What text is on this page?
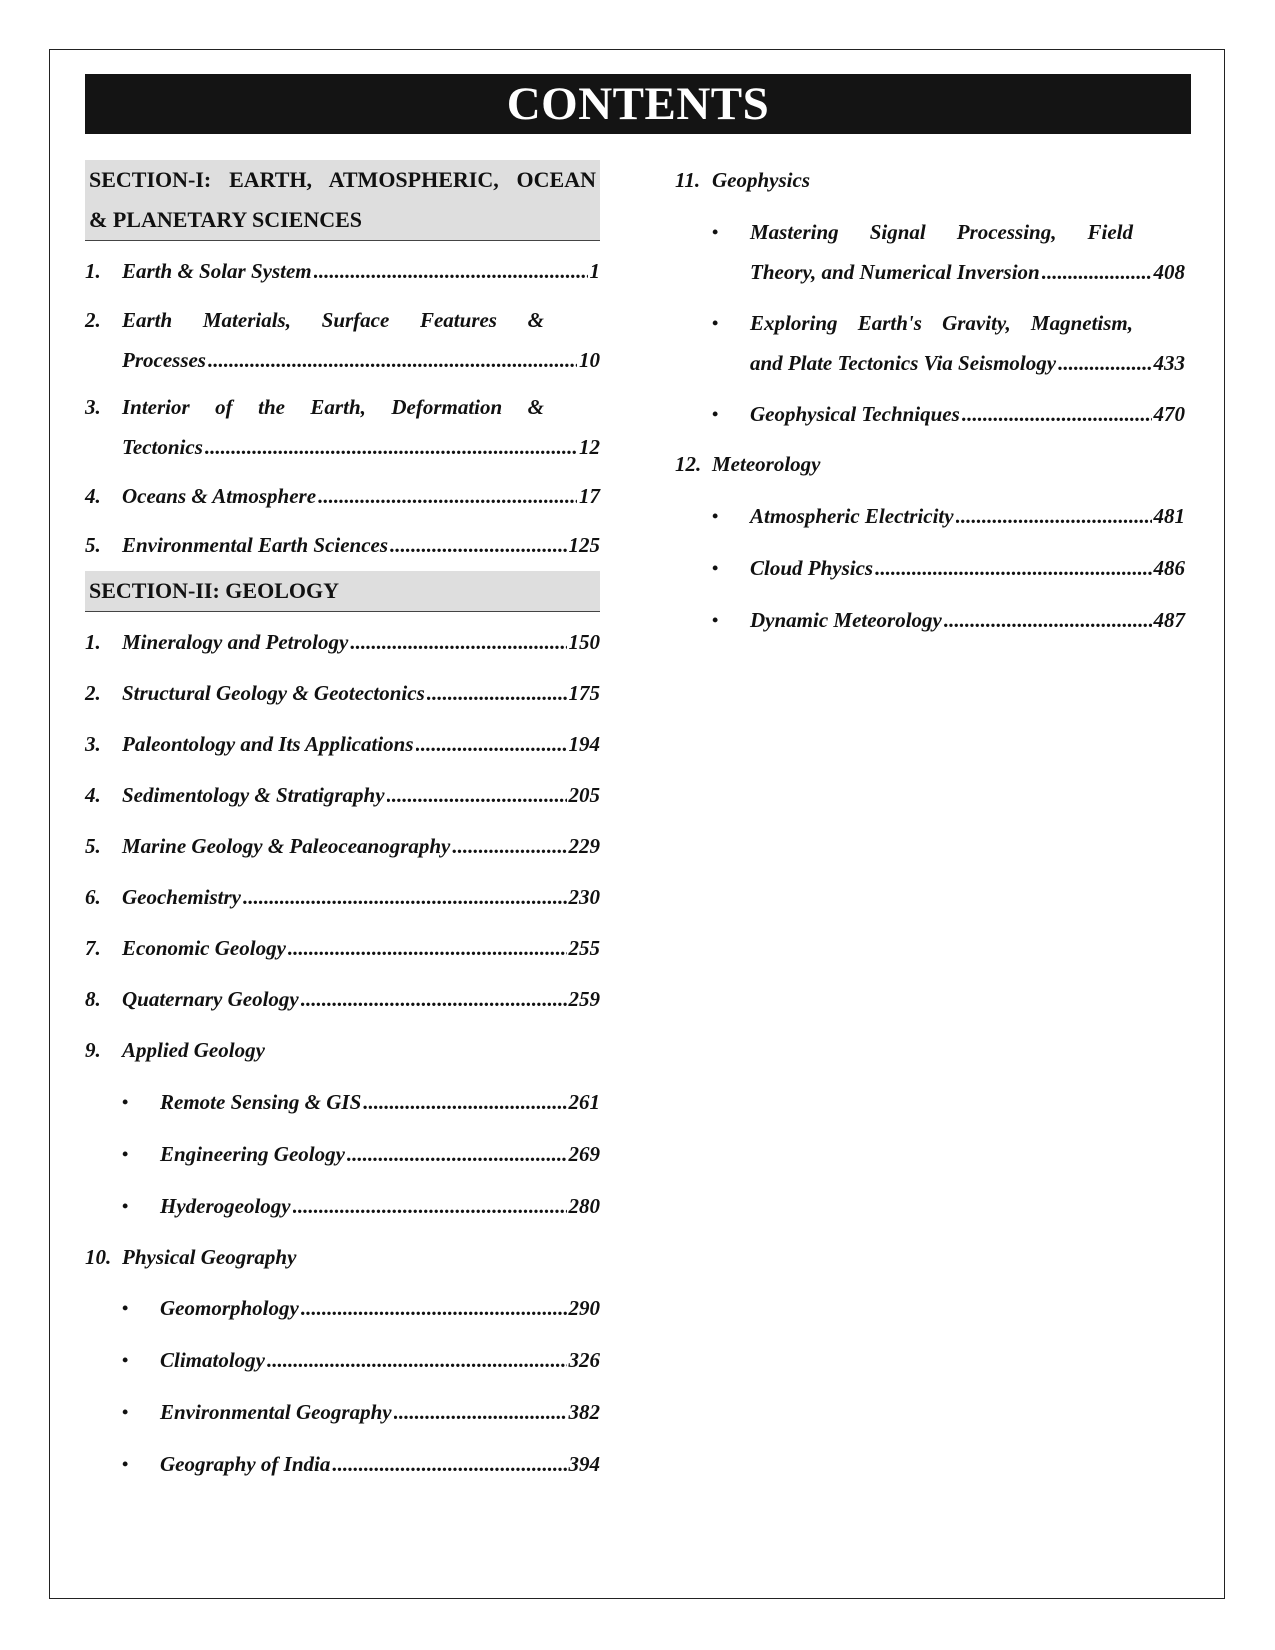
CONTENTS
SECTION-I: EARTH, ATMOSPHERIC, OCEAN
& PLANETARY SCIENCES
1.	Earth & Solar System .....	1
2.	Earth Materials, Surface Features &
Processes .....	10
3.	Interior of the Earth, Deformation &
Tectonics .....	12
4.	Oceans & Atmosphere .....	17
5.	Environmental Earth Sciences .....	125
SECTION-II: GEOLOGY
1.	Mineralogy and Petrology .....	150
2.	Structural Geology & Geotectonics .....	175
3.	Paleontology and Its Applications .....	194
4.	Sedimentology & Stratigraphy .....	205
5.	Marine Geology & Paleoceanography .....	229
6.	Geochemistry .....	230
7.	Economic Geology .....	255
8.	Quaternary Geology .....	259
9.	Applied Geology
•	Remote Sensing & GIS .....	261
•	Engineering Geology .....	269
•	Hyderogeology .....	280
10. Physical Geography
•	Geomorphology .....	290
•	Climatology .....	326
•	Environmental Geography .....	382
•	Geography of India .....	394
11. Geophysics
•	Mastering Signal Processing, Field
Theory, and Numerical Inversion .....	408
•	Exploring Earth's Gravity, Magnetism,
and Plate Tectonics Via Seismology .....	433
•	Geophysical Techniques .....	470
12. Meteorology
•	Atmospheric Electricity .....	481
•	Cloud Physics .....	486
•	Dynamic Meteorology .....	487
